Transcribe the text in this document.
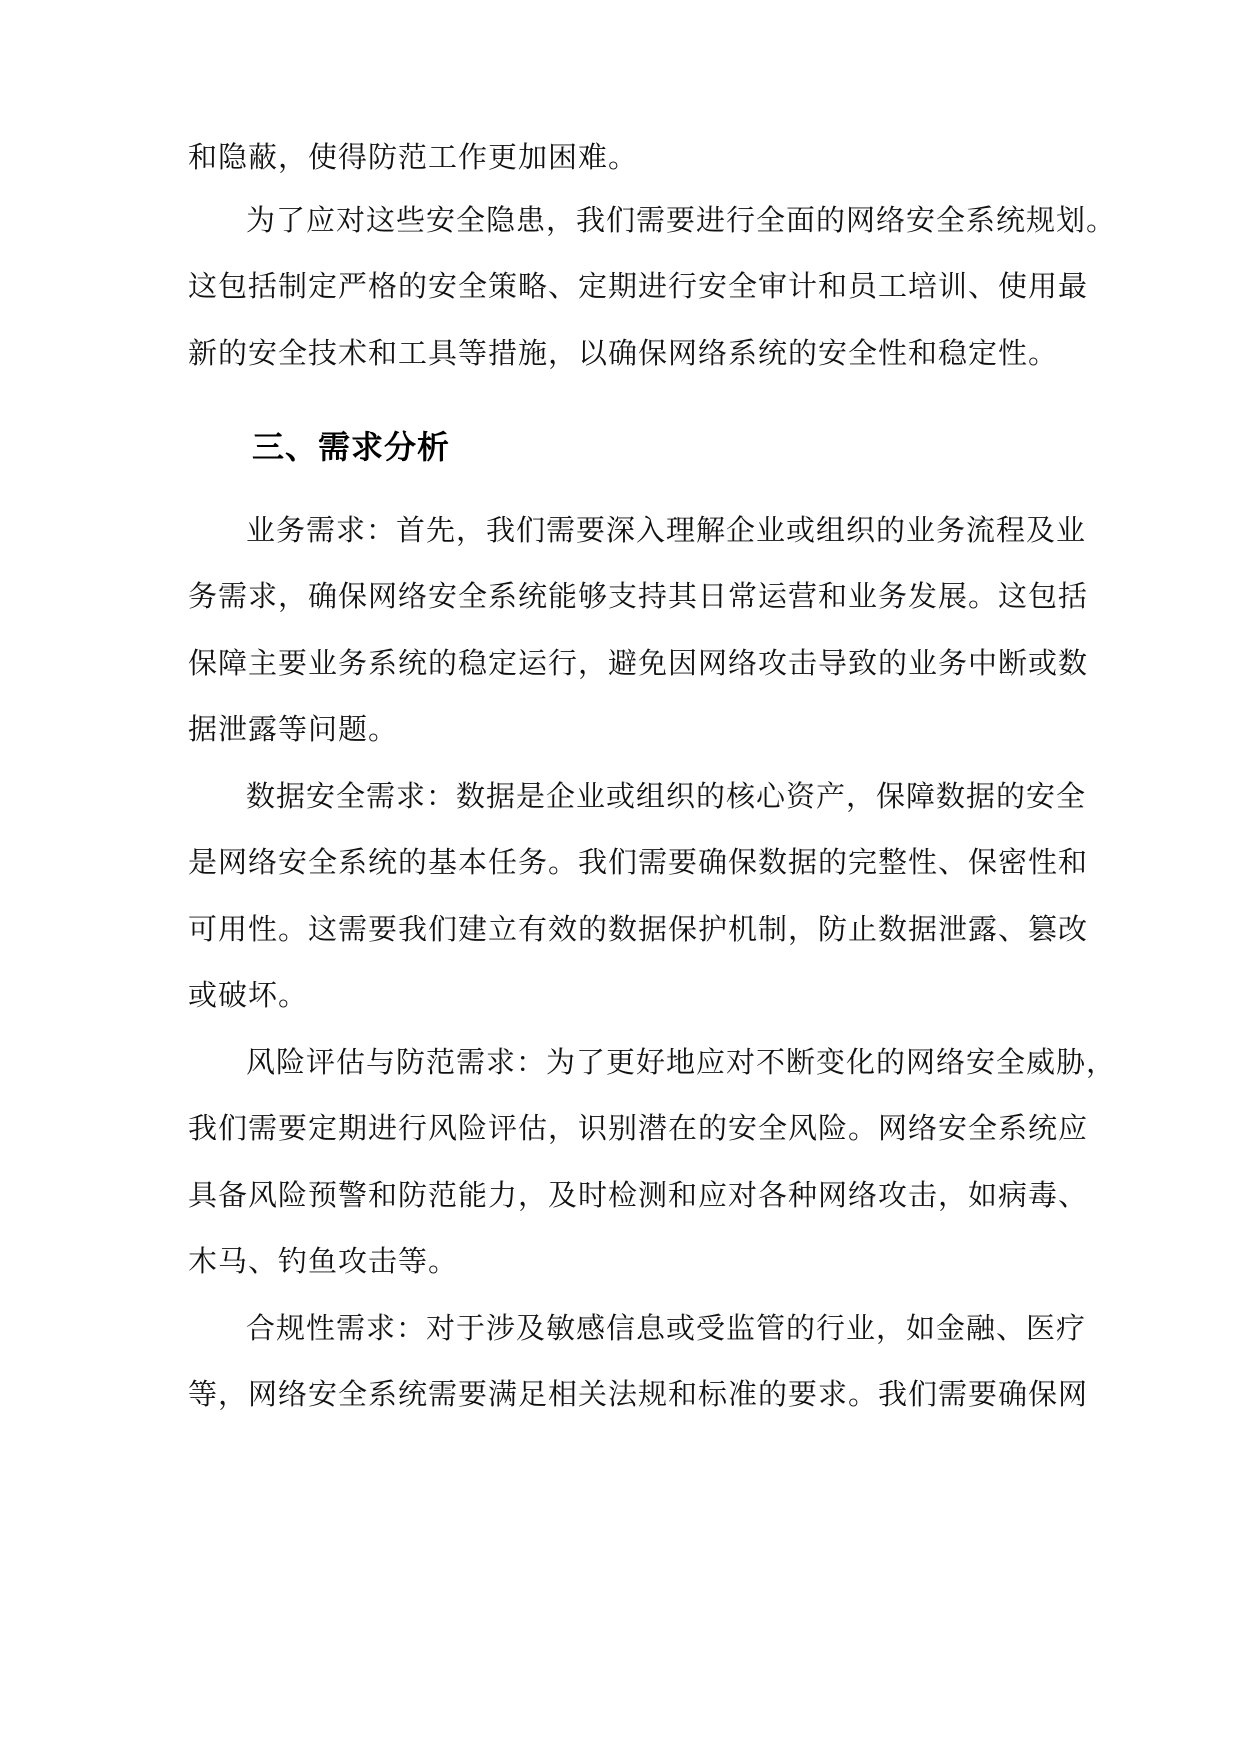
和隐蔽，使得防范工作更加困难。
为了应对这些安全隐患，我们需要进行全面的网络安全系统规划。
这包括制定严格的安全策略、定期进行安全审计和员工培训、使用最
新的安全技术和工具等措施，以确保网络系统的安全性和稳定性。
业务需求：首先，我们需要深入理解企业或组织的业务流程及业
务需求，确保网络安全系统能够支持其日常运营和业务发展。这包括
保障主要业务系统的稳定运行，避免因网络攻击导致的业务中断或数
据泄露等问题。
数据安全需求：数据是企业或组织的核心资产，保障数据的安全
是网络安全系统的基本任务。我们需要确保数据的完整性、保密性和
可用性。这需要我们建立有效的数据保护机制，防止数据泄露、篡改
或破坏。
风险评估与防范需求：为了更好地应对不断变化的网络安全威胁，
我们需要定期进行风险评估，识别潜在的安全风险。网络安全系统应
具备风险预警和防范能力，及时检测和应对各种网络攻击，如病毒、
木马、钓鱼攻击等。
合规性需求：对于涉及敏感信息或受监管的行业，如金融、医疗
等，网络安全系统需要满足相关法规和标准的要求。我们需要确保网
三、需求分析
